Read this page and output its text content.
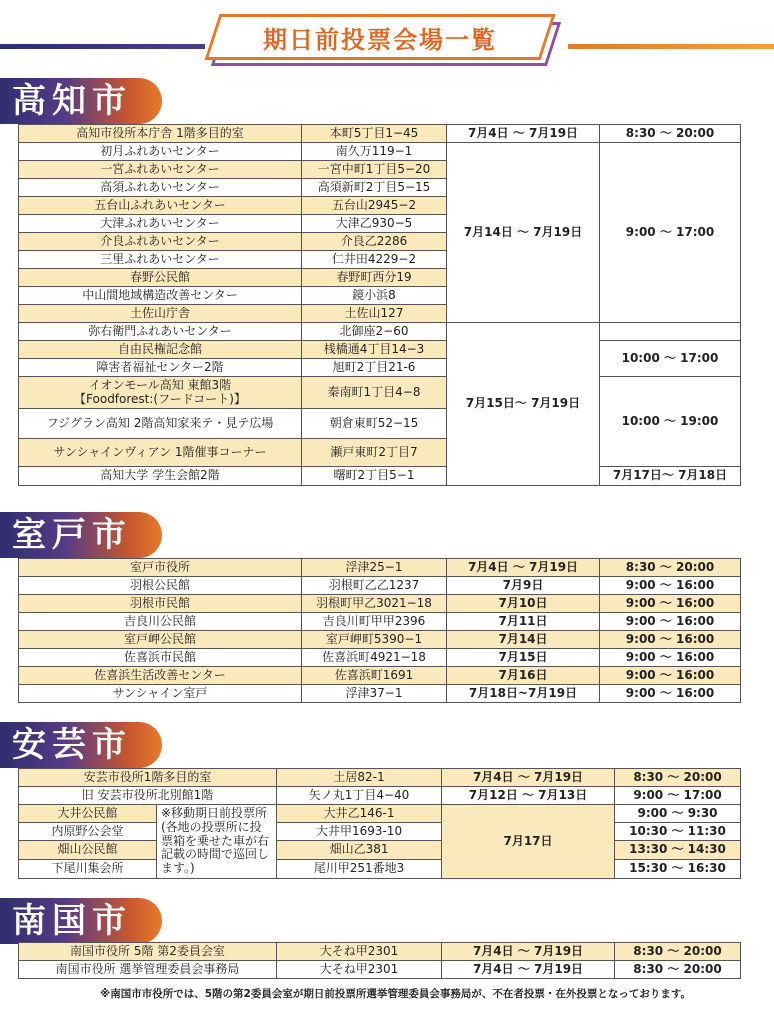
期日前投票会場一覧
高知市
高知市役所本庁舎 1階多目的室	本町5丁目1−45	7月4日 ～ 7月19日	8:30 ～ 20:00	
初月ふれあいセンター	南久万119−1	7月14日 ～ 7月19日	9:00 ～ 17:00	
一宮ふれあいセンター	一宮中町1丁目5−20			
高須ふれあいセンター	高須新町2丁目5−15			
五台山ふれあいセンター	五台山2945−2			
大津ふれあいセンター	大津乙930−5			
介良ふれあいセンター	介良乙2286			
三里ふれあいセンター	仁井田4229−2			
春野公民館	春野町西分19			
中山間地域構造改善センター	鏡小浜8			
土佐山庁舎	土佐山127			
弥右衛門ふれあいセンター	北御座2−60	7月15日～ 7月19日		
自由民権記念館	桟橋通4丁目14−3		10:00 ～ 17:00	
障害者福祉センター2階	旭町2丁目21-6			

イオンモール高知 東館3階
【Foodforest:(フードコート)】	秦南町1丁目4−8		10:00 ～ 19:00	
フジグラン高知 2階高知家来テ・見テ広場	朝倉東町52−15			
サンシャインヴィアン 1階催事コーナー	瀬戸東町2丁目7			
高知大学 学生会館2階	曙町2丁目5−1		7月17日～ 7月18日	
室戸市
室戸市役所	浮津25−1	7月4日 ～ 7月19日	8:30 ～ 20:00
羽根公民館	羽根町乙乙1237	7月9日	9:00 ～ 16:00
羽根市民館	羽根町甲乙3021−18	7月10日	9:00 ～ 16:00
吉良川公民館	吉良川町甲甲2396	7月11日	9:00 ～ 16:00
室戸岬公民館	室戸岬町5390−1	7月14日	9:00 ～ 16:00
佐喜浜市民館	佐喜浜町4921−18	7月15日	9:00 ～ 16:00
佐喜浜生活改善センター	佐喜浜町1691	7月16日	9:00 ～ 16:00
サンシャイン室戸	浮津37−1	7月18日~7月19日	9:00 ～ 16:00
安芸市
安芸市役所1階多目的室		土居82-1	7月4日 ～ 7月19日	8:30 ～ 20:00
旧 安芸市役所北別館1階		矢ノ丸1丁目4−40	7月12日 ～ 7月13日	9:00 ～ 17:00
大井公民館	※移動期日前投票所(各地の投票所に投票箱を乗せた車が右記載の時間で巡回します。)	大井乙146-1	7月17日	9:00 ～ 9:30
内原野公会堂		大井甲1693-10		10:30 ～ 11:30
畑山公民館		畑山乙381		13:30 ～ 14:30
下尾川集会所		尾川甲251番地3		15:30 ～ 16:30
南国市
南国市役所 5階 第2委員会室	大そね甲2301	7月4日 ～ 7月19日	8:30 ～ 20:00
南国市役所 選挙管理委員会事務局	大そね甲2301	7月4日 ～ 7月19日	8:30 ～ 20:00
※南国市市役所では、5階の第2委員会室が期日前投票所選挙管理委員会事務局が、不在者投票・在外投票となっております。
